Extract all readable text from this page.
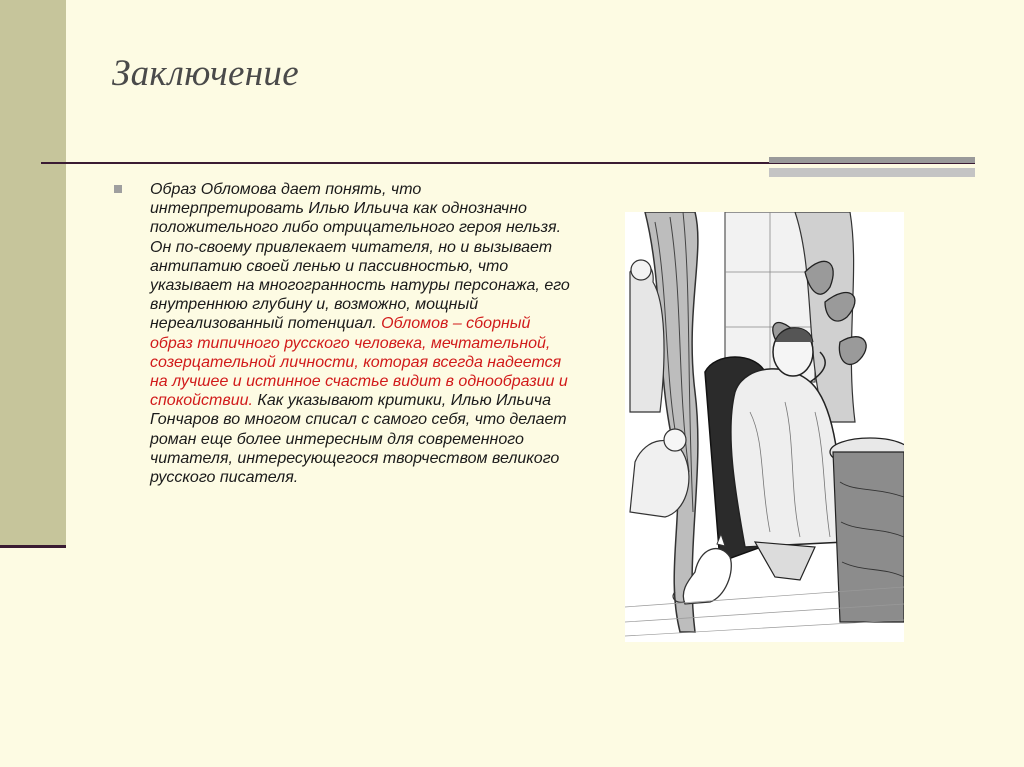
Заключение

Образ Обломова дает понять, что интерпретировать Илью Ильича как однозначно положительного либо отрицательного героя нельзя. Он по-своему привлекает читателя, но и вызывает антипатию своей ленью и пассивностью, что указывает на многогранность натуры персонажа, его внутреннюю глубину и, возможно, мощный нереализованный потенциал. Обломов – сборный образ типичного русского человека, мечтательной, созерцательной личности, которая всегда надеется на лучшее и истинное счастье видит в однообразии и спокойствии. Как указывают критики, Илью Ильича Гончаров во многом списал с самого себя, что делает роман еще более интересным для современного читателя, интересующегося творчеством великого русского писателя.
